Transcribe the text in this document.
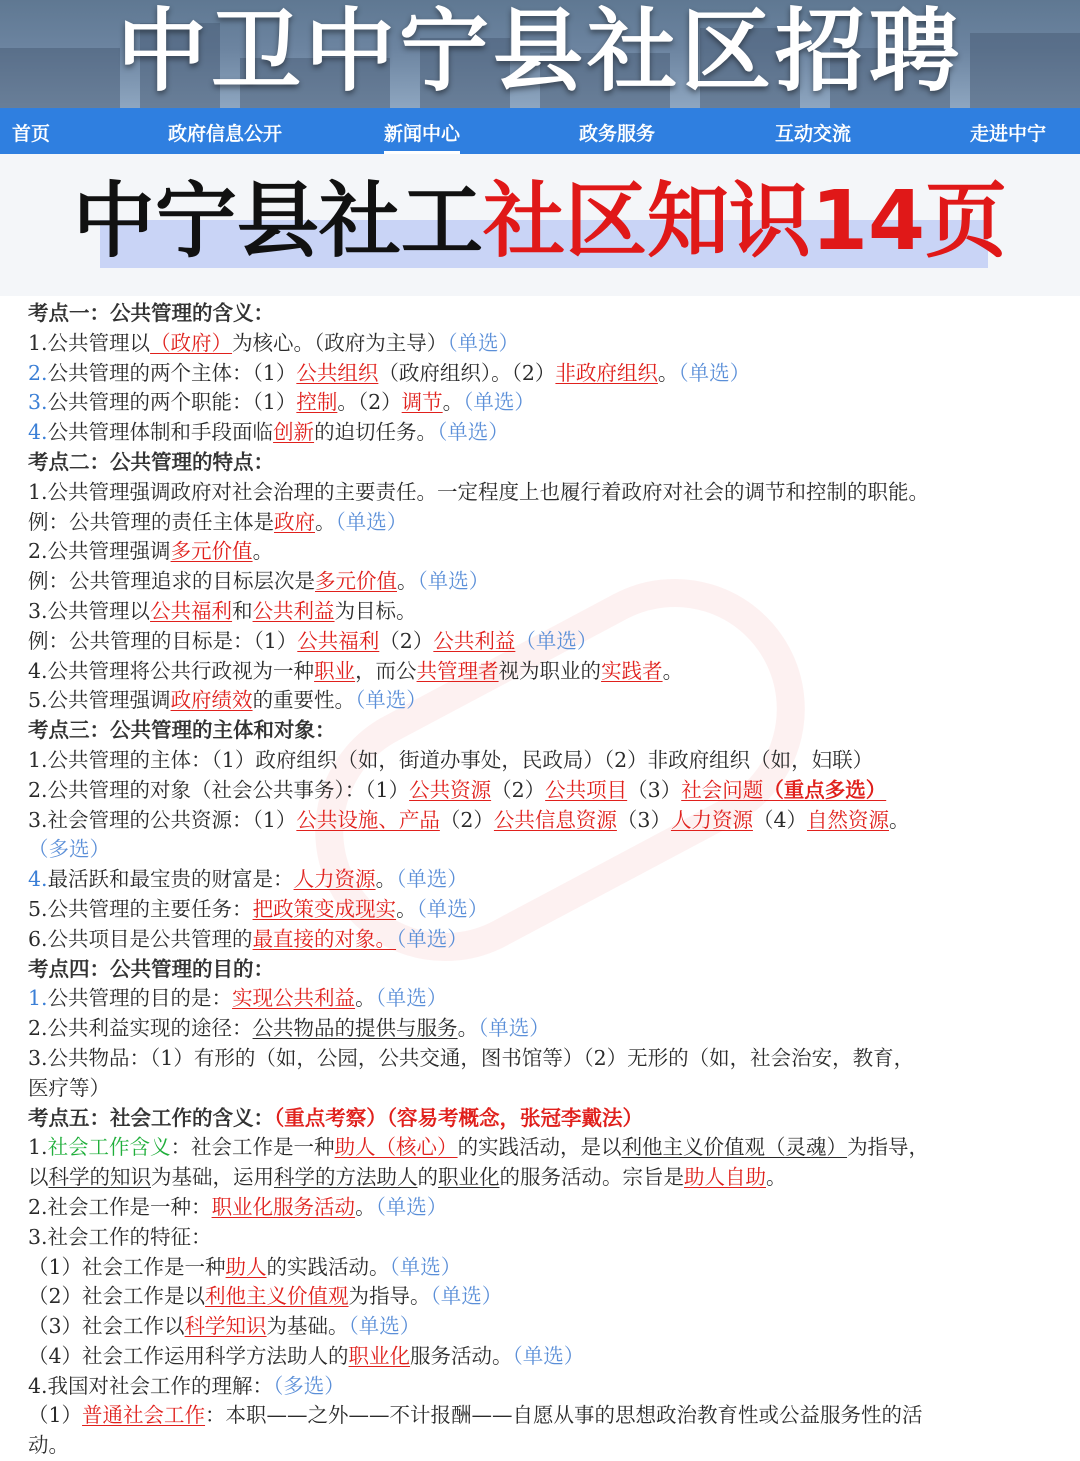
中卫中宁县社区招聘
首页	政府信息公开	新闻中心	政务服务	互动交流	走进中宁
中宁县社工社区知识14页
考点一：公共管理的含义：
1.公共管理以（政府）为核心。（政府为主导）（单选）
2.公共管理的两个主体：（1）公共组织（政府组织）。（2）非政府组织。（单选）
3.公共管理的两个职能：（1）控制。（2）调节。（单选）
4.公共管理体制和手段面临创新的迫切任务。（单选）
考点二：公共管理的特点：
1.公共管理强调政府对社会治理的主要责任。一定程度上也履行着政府对社会的调节和控制的职能。
例：公共管理的责任主体是政府。（单选）
2.公共管理强调多元价值。
例：公共管理追求的目标层次是多元价值。（单选）
3.公共管理以公共福利和公共利益为目标。
例：公共管理的目标是：（1）公共福利（2）公共利益（单选）
4.公共管理将公共行政视为一种职业，而公共管理者视为职业的实践者。
5.公共管理强调政府绩效的重要性。（单选）
考点三：公共管理的主体和对象：
1.公共管理的主体：（1）政府组织（如，街道办事处，民政局）（2）非政府组织（如，妇联）
2.公共管理的对象（社会公共事务）：（1）公共资源（2）公共项目（3）社会问题（重点多选）
3.社会管理的公共资源：（1）公共设施、产品（2）公共信息资源（3）人力资源（4）自然资源。
（多选）
4.最活跃和最宝贵的财富是：人力资源。（单选）
5.公共管理的主要任务：把政策变成现实。（单选）
6.公共项目是公共管理的最直接的对象。（单选）
考点四：公共管理的目的：
1.公共管理的目的是：实现公共利益。（单选）
2.公共利益实现的途径：公共物品的提供与服务。（单选）
3.公共物品：（1）有形的（如，公园，公共交通，图书馆等）（2）无形的（如，社会治安，教育，
医疗等）
考点五：社会工作的含义：（重点考察）（容易考概念，张冠李戴法）
1.社会工作含义：社会工作是一种助人（核心）的实践活动，是以利他主义价值观（灵魂）为指导，
以科学的知识为基础，运用科学的方法助人的职业化的服务活动。宗旨是助人自助。
2.社会工作是一种：职业化服务活动。（单选）
3.社会工作的特征：
（1）社会工作是一种助人的实践活动。（单选）
（2）社会工作是以利他主义价值观为指导。（单选）
（3）社会工作以科学知识为基础。（单选）
（4）社会工作运用科学方法助人的职业化服务活动。（单选）
4.我国对社会工作的理解：（多选）
（1）普通社会工作：本职——之外——不计报酬——自愿从事的思想政治教育性或公益服务性的活
动。
